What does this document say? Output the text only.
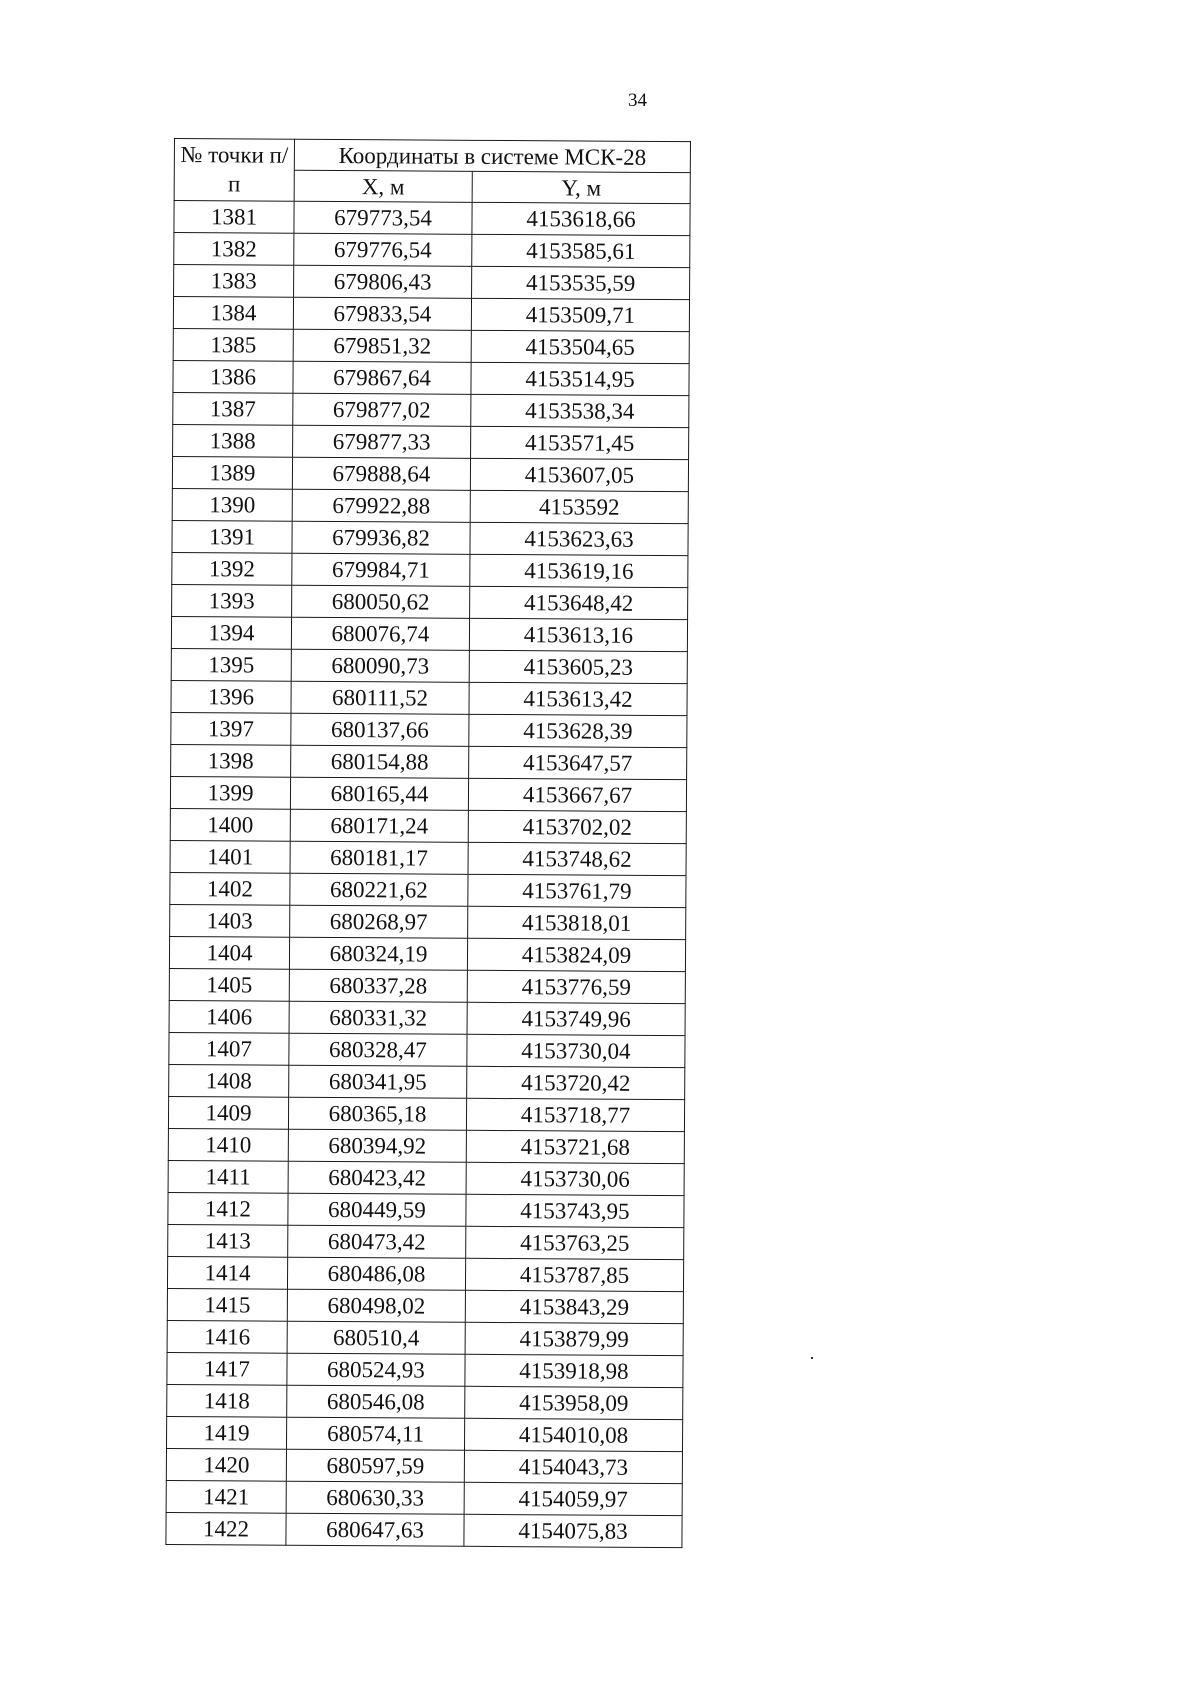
34
№ точки п/п	Координаты в системе МСК-28	
	X, м	Y, м
1381	679773,54	4153618,66
1382	679776,54	4153585,61
1383	679806,43	4153535,59
1384	679833,54	4153509,71
1385	679851,32	4153504,65
1386	679867,64	4153514,95
1387	679877,02	4153538,34
1388	679877,33	4153571,45
1389	679888,64	4153607,05
1390	679922,88	4153592
1391	679936,82	4153623,63
1392	679984,71	4153619,16
1393	680050,62	4153648,42
1394	680076,74	4153613,16
1395	680090,73	4153605,23
1396	680111,52	4153613,42
1397	680137,66	4153628,39
1398	680154,88	4153647,57
1399	680165,44	4153667,67
1400	680171,24	4153702,02
1401	680181,17	4153748,62
1402	680221,62	4153761,79
1403	680268,97	4153818,01
1404	680324,19	4153824,09
1405	680337,28	4153776,59
1406	680331,32	4153749,96
1407	680328,47	4153730,04
1408	680341,95	4153720,42
1409	680365,18	4153718,77
1410	680394,92	4153721,68
1411	680423,42	4153730,06
1412	680449,59	4153743,95
1413	680473,42	4153763,25
1414	680486,08	4153787,85
1415	680498,02	4153843,29
1416	680510,4	4153879,99
1417	680524,93	4153918,98
1418	680546,08	4153958,09
1419	680574,11	4154010,08
1420	680597,59	4154043,73
1421	680630,33	4154059,97
1422	680647,63	4154075,83
